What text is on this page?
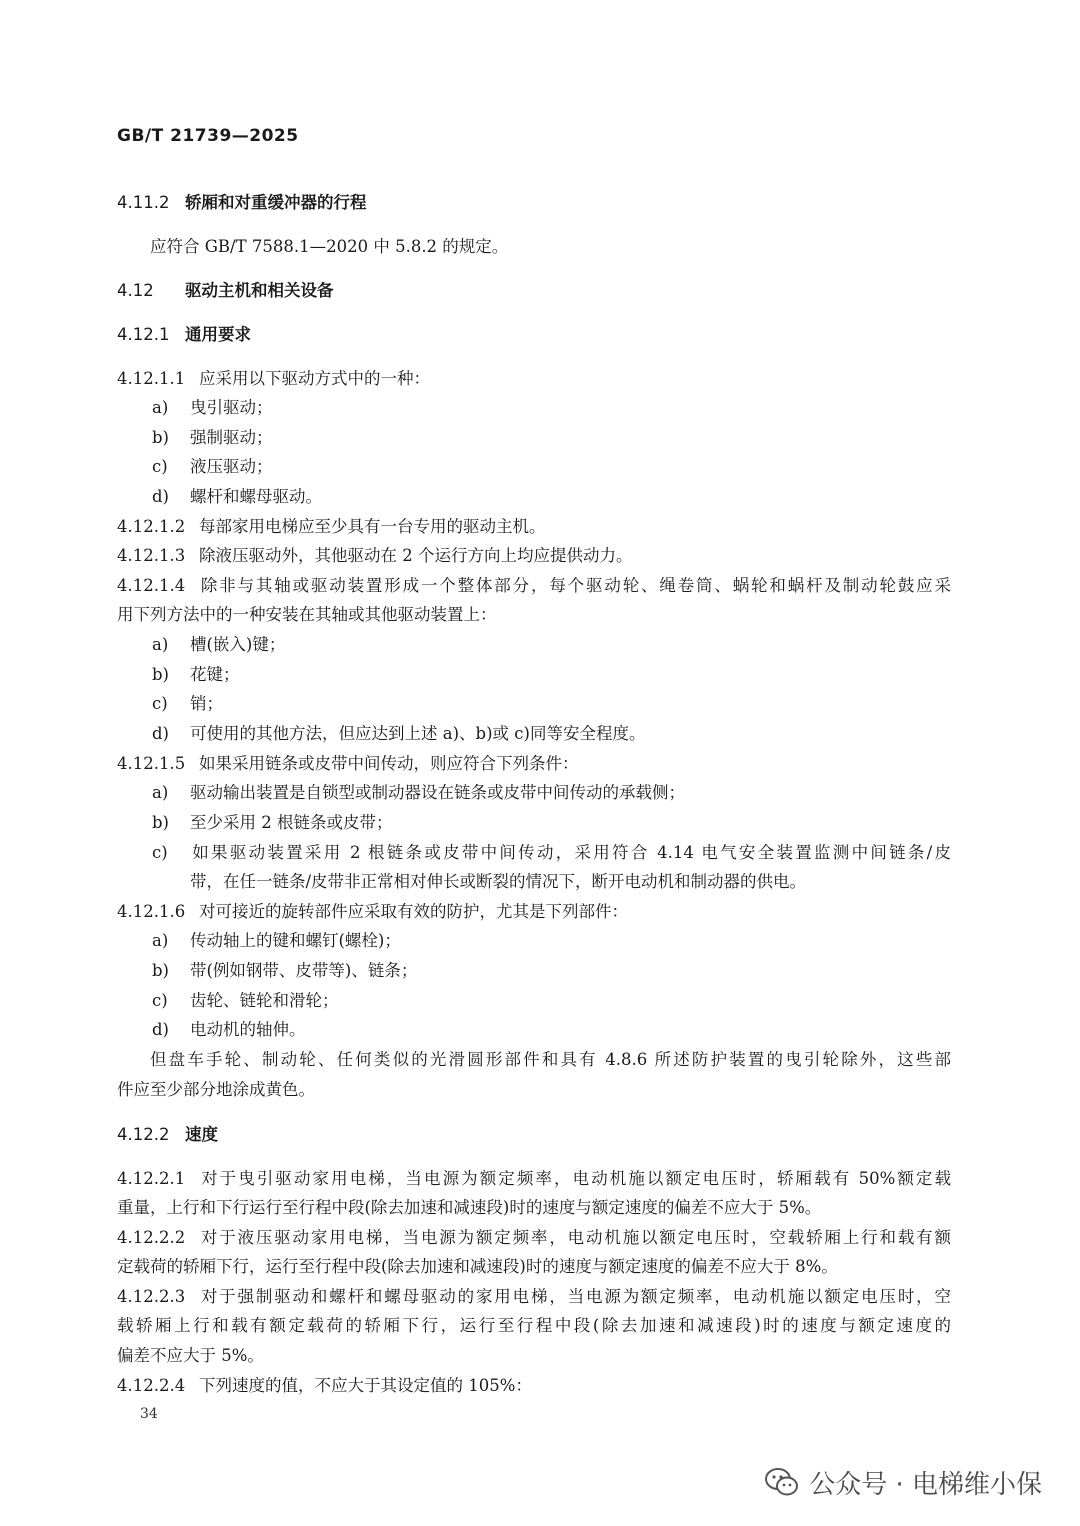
GB/T 21739—2025
4.11.2 轿厢和对重缓冲器的行程
应符合 GB/T 7588.1—2020 中 5.8.2 的规定。
4.12 驱动主机和相关设备
4.12.1 通用要求
4.12.1.1 应采用以下驱动方式中的一种：
a) 曳引驱动；
b) 强制驱动；
c) 液压驱动；
d) 螺杆和螺母驱动。
4.12.1.2 每部家用电梯应至少具有一台专用的驱动主机。
4.12.1.3 除液压驱动外，其他驱动在 2 个运行方向上均应提供动力。
4.12.1.4 除非与其轴或驱动装置形成一个整体部分，每个驱动轮、绳卷筒、蜗轮和蜗杆及制动轮鼓应采
用下列方法中的一种安装在其轴或其他驱动装置上：
a) 槽(嵌入)键；
b) 花键；
c) 销；
d) 可使用的其他方法，但应达到上述 a)、b)或 c)同等安全程度。
4.12.1.5 如果采用链条或皮带中间传动，则应符合下列条件：
a) 驱动输出装置是自锁型或制动器设在链条或皮带中间传动的承载侧；
b) 至少采用 2 根链条或皮带；
c) 如果驱动装置采用 2 根链条或皮带中间传动，采用符合 4.14 电气安全装置监测中间链条/皮
带，在任一链条/皮带非正常相对伸长或断裂的情况下，断开电动机和制动器的供电。
4.12.1.6 对可接近的旋转部件应采取有效的防护，尤其是下列部件：
a) 传动轴上的键和螺钉(螺栓)；
b) 带(例如钢带、皮带等)、链条；
c) 齿轮、链轮和滑轮；
d) 电动机的轴伸。
但盘车手轮、制动轮、任何类似的光滑圆形部件和具有 4.8.6 所述防护装置的曳引轮除外，这些部
件应至少部分地涂成黄色。
4.12.2 速度
4.12.2.1 对于曳引驱动家用电梯，当电源为额定频率，电动机施以额定电压时，轿厢载有 50%额定载
重量，上行和下行运行至行程中段(除去加速和减速段)时的速度与额定速度的偏差不应大于 5%。
4.12.2.2 对于液压驱动家用电梯，当电源为额定频率，电动机施以额定电压时，空载轿厢上行和载有额
定载荷的轿厢下行，运行至行程中段(除去加速和减速段)时的速度与额定速度的偏差不应大于 8%。
4.12.2.3 对于强制驱动和螺杆和螺母驱动的家用电梯，当电源为额定频率，电动机施以额定电压时，空
载轿厢上行和载有额定载荷的轿厢下行，运行至行程中段(除去加速和减速段)时的速度与额定速度的
偏差不应大于 5%。
4.12.2.4 下列速度的值，不应大于其设定值的 105%：
34
公众号 · 电梯维小保
